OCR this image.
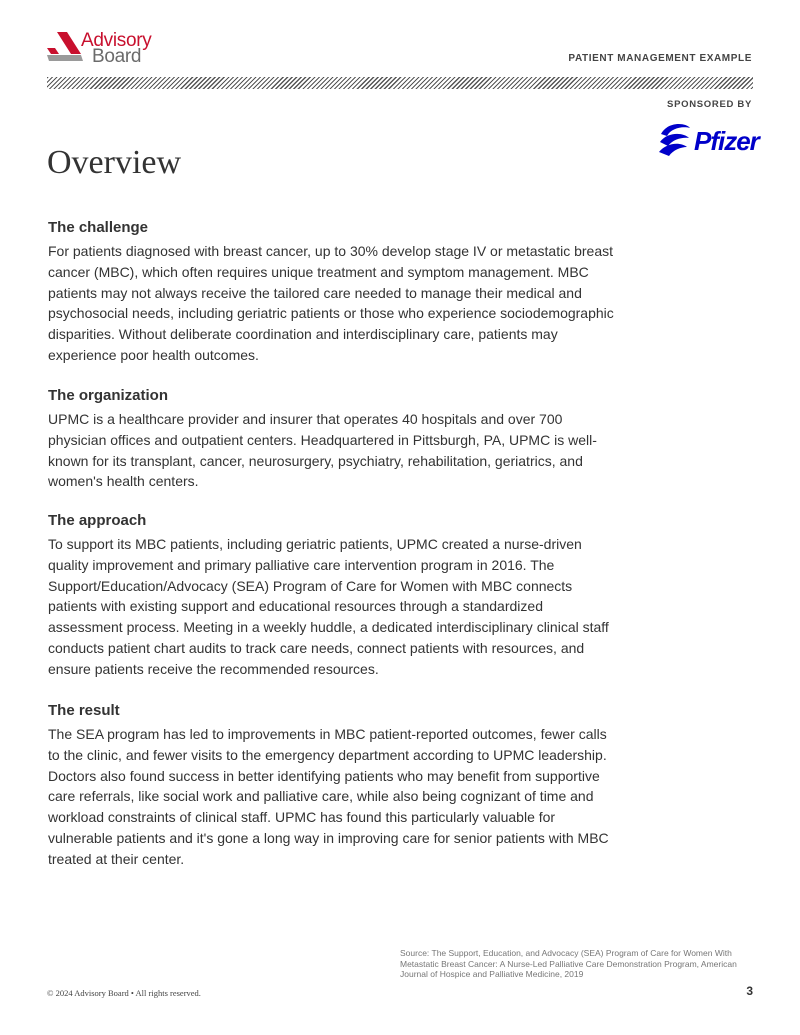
Advisory
Board	PATIENT MANAGEMENT EXAMPLE
SPONSORED BY
Pfizer
Overview
The challenge

For patients diagnosed with breast cancer, up to 30% develop stage IV or metastatic breast cancer (MBC), which often requires unique treatment and symptom management. MBC patients may not always receive the tailored care needed to manage their medical and psychosocial needs, including geriatric patients or those who experience sociodemographic disparities. Without deliberate coordination and interdisciplinary care, patients may experience poor health outcomes.

The organization

UPMC is a healthcare provider and insurer that operates 40 hospitals and over 700 physician offices and outpatient centers. Headquartered in Pittsburgh, PA, UPMC is well-known for its transplant, cancer, neurosurgery, psychiatry, rehabilitation, geriatrics, and women's health centers.

The approach

To support its MBC patients, including geriatric patients, UPMC created a nurse-driven quality improvement and primary palliative care intervention program in 2016. The Support/Education/Advocacy (SEA) Program of Care for Women with MBC connects patients with existing support and educational resources through a standardized assessment process. Meeting in a weekly huddle, a dedicated interdisciplinary clinical staff conducts patient chart audits to track care needs, connect patients with resources, and ensure patients receive the recommended resources.

The result

The SEA program has led to improvements in MBC patient-reported outcomes, fewer calls to the clinic, and fewer visits to the emergency department according to UPMC leadership. Doctors also found success in better identifying patients who may benefit from supportive care referrals, like social work and palliative care, while also being cognizant of time and workload constraints of clinical staff. UPMC has found this particularly valuable for vulnerable patients and it's gone a long way in improving care for senior patients with MBC treated at their center.

Source: The Support, Education, and Advocacy (SEA) Program of Care for Women With Metastatic Breast Cancer: A Nurse-Led Palliative Care Demonstration Program, American Journal of Hospice and Palliative Medicine, 2019
© 2024 Advisory Board • All rights reserved.	3
